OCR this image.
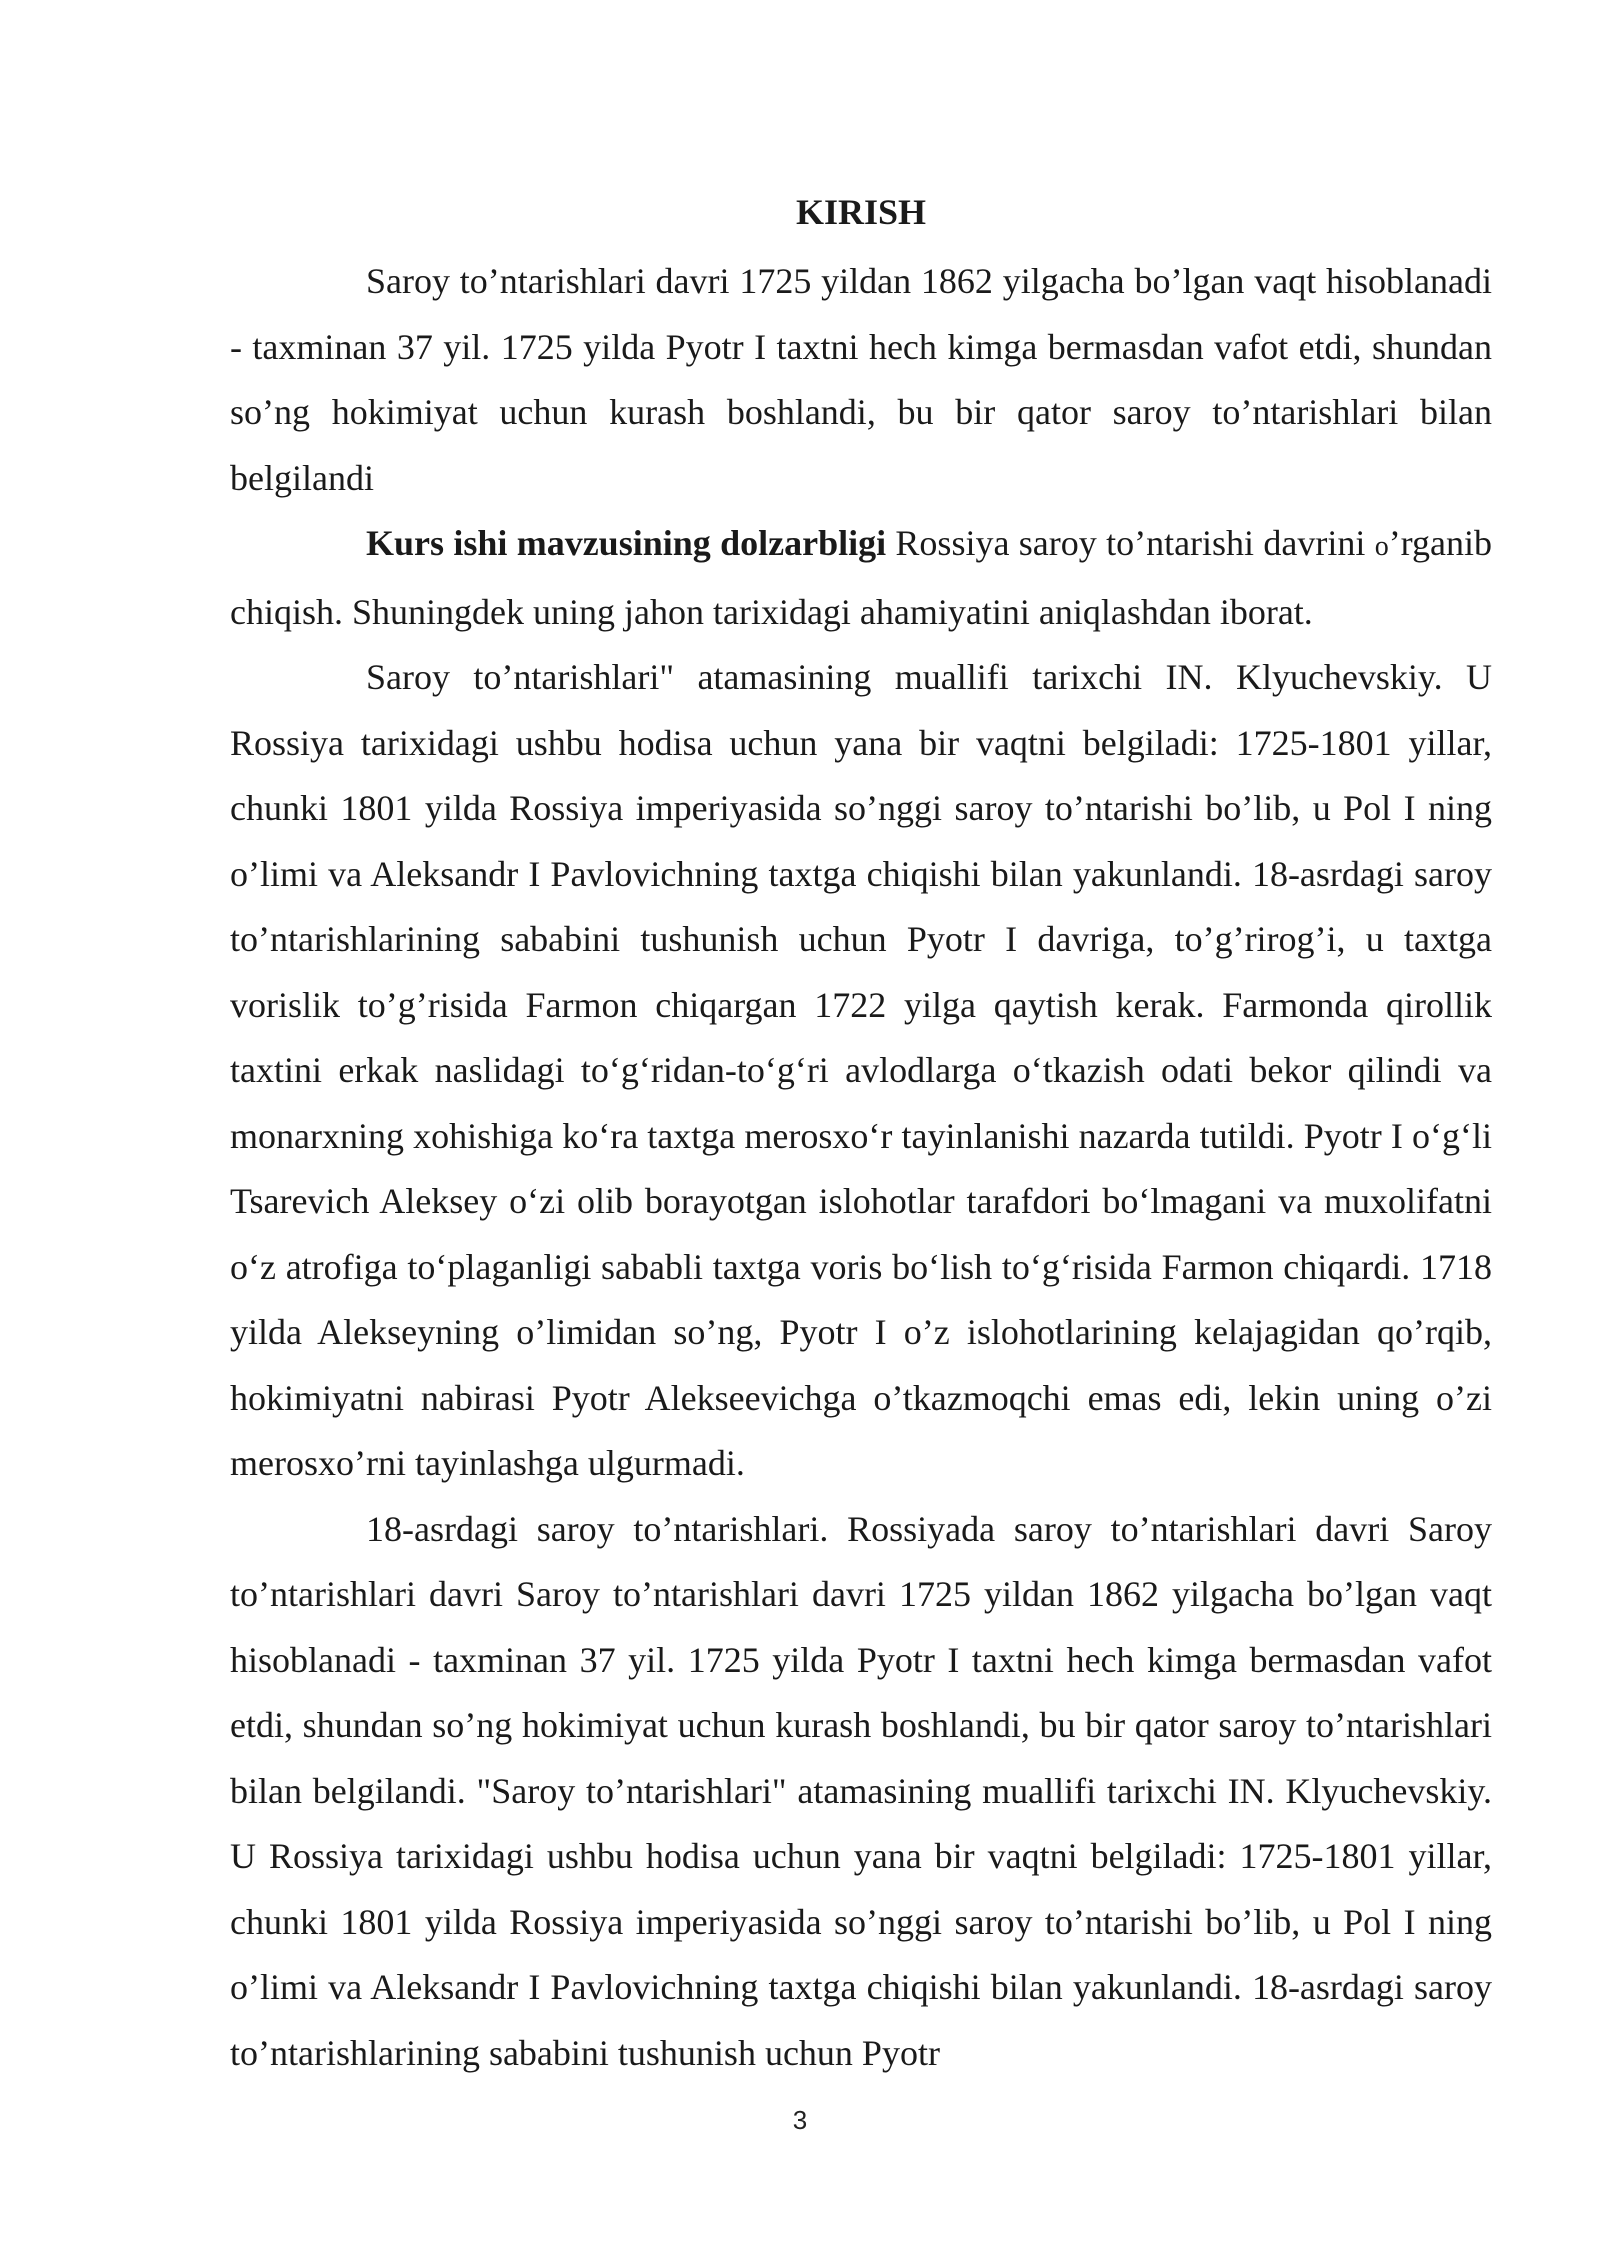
KIRISH

Saroy to’ntarishlari davri 1725 yildan 1862 yilgacha bo’lgan vaqt hisoblanadi - taxminan 37 yil. 1725 yilda Pyotr I taxtni hech kimga bermasdan vafot etdi, shundan so’ng hokimiyat uchun kurash boshlandi, bu bir qator saroy to’ntarishlari bilan belgilandi

Kurs ishi mavzusining dolzarbligi Rossiya saroy to’ntarishi davrini o’rganib chiqish. Shuningdek uning jahon tarixidagi ahamiyatini aniqlashdan iborat.

Saroy to’ntarishlari" atamasining muallifi tarixchi IN. Klyuchevskiy. U Rossiya tarixidagi ushbu hodisa uchun yana bir vaqtni belgiladi: 1725-1801 yillar, chunki 1801 yilda Rossiya imperiyasida so’nggi saroy to’ntarishi bo’lib, u Pol I ning o’limi va Aleksandr I Pavlovichning taxtga chiqishi bilan yakunlandi. 18-asrdagi saroy to’ntarishlarining sababini tushunish uchun Pyotr I davriga, to’g’rirog’i, u taxtga vorislik to’g’risida Farmon chiqargan 1722 yilga qaytish kerak. Farmonda qirollik taxtini erkak naslidagi to‘g‘ridan-to‘g‘ri avlodlarga o‘tkazish odati bekor qilindi va monarxning xohishiga ko‘ra taxtga merosxo‘r tayinlanishi nazarda tutildi. Pyotr I o‘g‘li Tsarevich Aleksey o‘zi olib borayotgan islohotlar tarafdori bo‘lmagani va muxolifatni o‘z atrofiga to‘plaganligi sababli taxtga voris bo‘lish to‘g‘risida Farmon chiqardi. 1718 yilda Alekseyning o’limidan so’ng, Pyotr I o’z islohotlarining kelajagidan qo’rqib, hokimiyatni nabirasi Pyotr Alekseevichga o’tkazmoqchi emas edi, lekin uning o’zi merosxo’rni tayinlashga ulgurmadi.

18-asrdagi saroy to’ntarishlari. Rossiyada saroy to’ntarishlari davri Saroy to’ntarishlari davri Saroy to’ntarishlari davri 1725 yildan 1862 yilgacha bo’lgan vaqt hisoblanadi - taxminan 37 yil. 1725 yilda Pyotr I taxtni hech kimga bermasdan vafot etdi, shundan so’ng hokimiyat uchun kurash boshlandi, bu bir qator saroy to’ntarishlari bilan belgilandi. "Saroy to’ntarishlari" atamasining muallifi tarixchi IN. Klyuchevskiy. U Rossiya tarixidagi ushbu hodisa uchun yana bir vaqtni belgiladi: 1725-1801 yillar, chunki 1801 yilda Rossiya imperiyasida so’nggi saroy to’ntarishi bo’lib, u Pol I ning o’limi va Aleksandr I Pavlovichning taxtga chiqishi bilan yakunlandi. 18-asrdagi saroy to’ntarishlarining sababini tushunish uchun Pyotr

3
